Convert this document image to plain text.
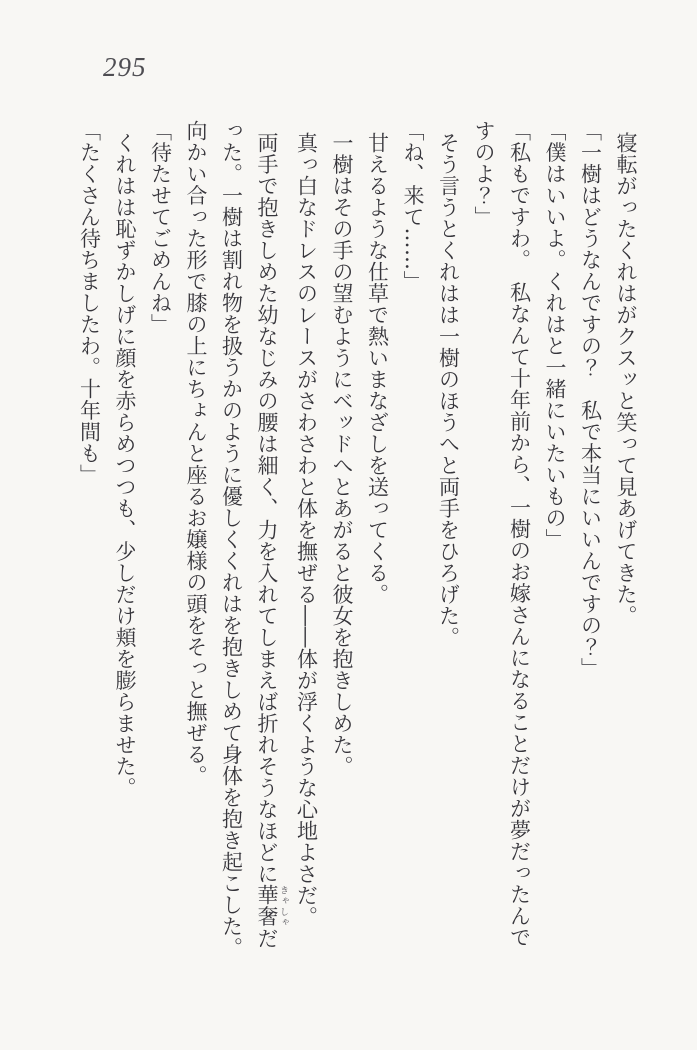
295

寝転がったくれはがクスッと笑って見あげてきた。

「一樹はどうなんですの？　私で本当にいいんですの？」

「僕はいいよ。くれはと一緒にいたいもの」

「私もですわ。　私なんて十年前から、一樹のお嫁さんになることだけが夢だったんですのよ？」

そう言うとくれはは一樹のほうへと両手をひろげた。

「ね、来て……」

甘えるような仕草で熱いまなざしを送ってくる。

一樹はその手の望むようにベッドへとあがると彼女を抱きしめた。

真っ白なドレスのレースがさわさわと体を撫ぜる――体が浮くような心地よさだ。

両手で抱きしめた幼なじみの腰は細く、力を入れてしまえば折れそうなほどに華奢 きゃしゃだった。一樹は割れ物を扱うかのように優しくくれはを抱きしめて身体を抱き起こした。向かい合った形で膝の上にちょんと座るお嬢様の頭をそっと撫ぜる。

「待たせてごめんね」

くれはは恥ずかしげに顔を赤らめつつも、少しだけ頬を膨らませた。

「たくさん待ちましたわ。十年間も」
